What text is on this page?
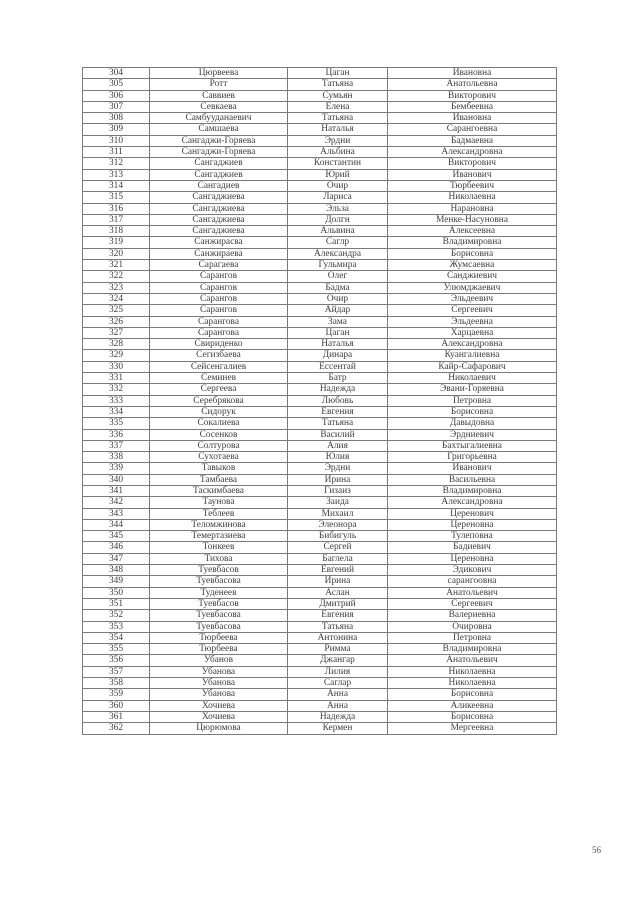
304	Цюрвеева	Цаган	Ивановна
305	Ротт	Татьяна	Анатольевна
306	Саввиев	Сумьян	Викторович
307	Севкаева	Елена	Бембеевна
308	Самбууданаевич	Татьяна	Ивановна
309	Самшаева	Наталья	Сарангоевна
310	Сангаджи-Горяева	Эрдни	Бадмаевна
311	Сангаджи-Горяева	Альбина	Александровна
312	Сангаджиев	Константин	Викторович
313	Сангаджиев	Юрий	Иванович
314	Сангадиев	Очир	Тюрбеевич
315	Сангаджиева	Лариса	Николаевна
316	Сангаджиева	Эльза	Нарановна
317	Сангаджиева	Долгн	Менке-Насуновна
318	Сангаджиева	Альвина	Алексеевна
319	Санжирасва	Саглр	Владимировна
320	Санжираева	Александра	Борисовна
321	Сарагаева	Гульмира	Жумсаевна
322	Сарангов	Олег	Санджиевич
323	Сарангов	Бадма	Улюмджаевич
324	Сарангов	Очир	Эльдеевич
325	Сарангов	Айдар	Сергеевич
326	Сарангова	Зама	Эльдеевна
327	Сарангова	Цаган	Харцаевна
328	Свириденко	Наталья	Александровна
329	Сегизбаева	Динара	Куангалиевна
330	Сейсенгалиев	Ессентай	Кайр-Сафарович
331	Семинев	Батр	Николаевич
332	Сергеева	Надежда	Эвани-Горяевна
333	Серебрякова	Любовь	Петровна
334	Сидорук	Евгения	Борисовна
335	Сокалиева	Татьяна	Давыдовна
336	Сосенков	Василий	Эрдниевич
337	Солтурова	Алия	Бахтыгалиевна
338	Сухотаева	Юлия	Григорьевна
339	Тавыков	Эрдни	Иванович
340	Тамбаева	Ирина	Васильевна
341	Таскимбаева	Гизаиз	Владимировна
342	Таунова	Заида	Александровна
343	Теблеев	Михаил	Церенович
344	Теломжинова	Элеонора	Цереновна
345	Темертазиева	Бибигуль	Тулеповна
346	Тонкеев	Сергей	Бадиевич
347	Тихова	Баглела	Цереновна
348	Туевбасов	Евгений	Эдикович
349	Туевбасова	Ирина	сарангоовна
350	Туденеев	Аслан	Анатольевич
351	Туевбасов	Дмитрий	Сергеевич
352	Туевбасова	Евгения	Валериевна
353	Туевбасова	Татьяна	Очировна
354	Тюрбеева	Антонина	Петровна
355	Тюрбеева	Римма	Владимировна
356	Убанов	Джангар	Анатольевич
357	Убанова	Лилия	Николаевна
358	Убанова	Саглар	Николаевна
359	Убанова	Анна	Борисовна
360	Хочиева	Анна	Аликеевна
361	Хочиева	Надежда	Борисовна
362	Цюрюмова	Кермен	Мергеевна
56
